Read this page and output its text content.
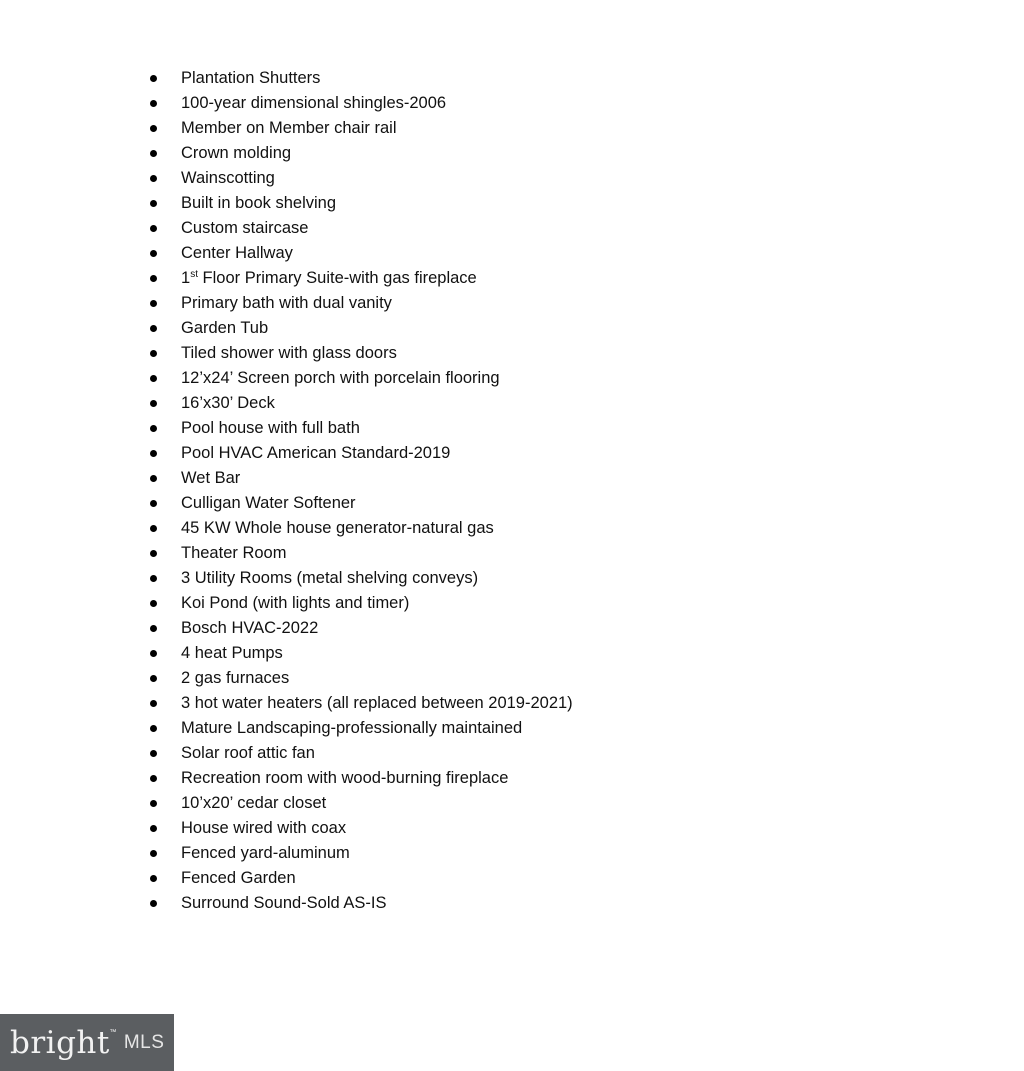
Plantation Shutters
100-year dimensional shingles-2006
Member on Member chair rail
Crown molding
Wainscotting
Built in book shelving
Custom staircase
Center Hallway
1st Floor Primary Suite-with gas fireplace
Primary bath with dual vanity
Garden Tub
Tiled shower with glass doors
12’x24’ Screen porch with porcelain flooring
16’x30’ Deck
Pool house with full bath
Pool HVAC American Standard-2019
Wet Bar
Culligan Water Softener
45 KW Whole house generator-natural gas
Theater Room
3 Utility Rooms (metal shelving conveys)
Koi Pond (with lights and timer)
Bosch HVAC-2022
4 heat Pumps
2 gas furnaces
3 hot water heaters (all replaced between 2019-2021)
Mature Landscaping-professionally maintained
Solar roof attic fan
Recreation room with wood-burning fireplace
10’x20’ cedar closet
House wired with coax
Fenced yard-aluminum
Fenced Garden
Surround Sound-Sold AS-IS
bright ™ MLS
